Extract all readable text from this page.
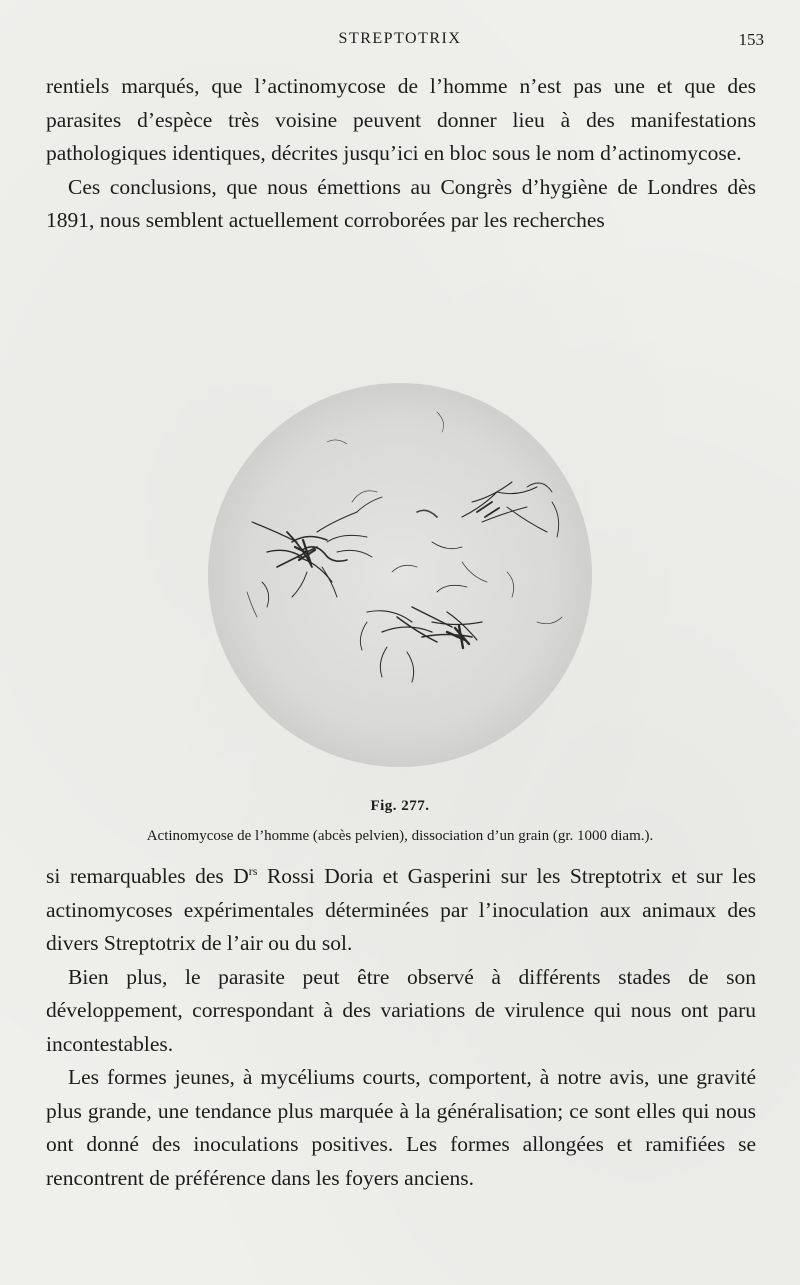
STREPTOTRIX	153

rentiels marqués, que l’actinomycose de l’homme n’est pas une et que des parasites d’espèce très voisine peuvent donner lieu à des manifestations pathologiques identiques, décrites jusqu’ici en bloc sous le nom d’actinomycose.

Ces conclusions, que nous émettions au Congrès d’hygiène de Londres dès 1891, nous semblent actuellement corroborées par les recherches

Fig. 277.
Actinomycose de l’homme (abcès pelvien), dissociation d’un grain (gr. 1000 diam.).

si remarquables des $D^{rs}$ Rossi Doria et Gasperini sur les Streptotrix et sur les actinomycoses expérimentales déterminées par l’inoculation aux animaux des divers Streptotrix de l’air ou du sol.

Bien plus, le parasite peut être observé à différents stades de son développement, correspondant à des variations de virulence qui nous ont paru incontestables.

Les formes jeunes, à mycéliums courts, comportent, à notre avis, une gravité plus grande, une tendance plus marquée à la généralisation; ce sont elles qui nous ont donné des inoculations positives. Les formes allongées et ramifiées se rencontrent de préférence dans les foyers anciens.
